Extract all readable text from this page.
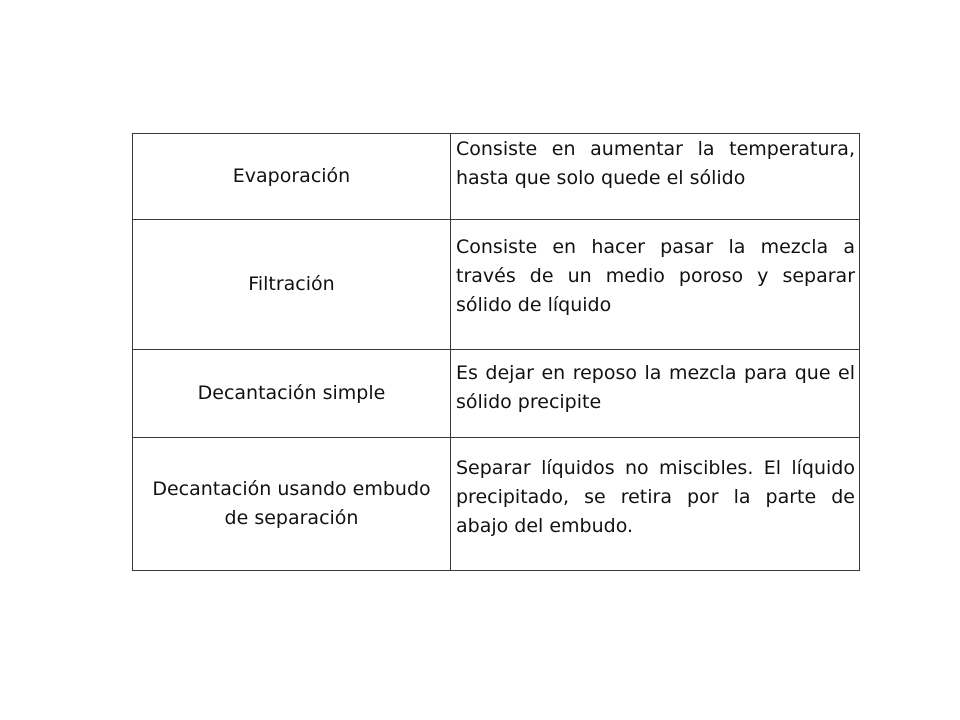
Evaporación	Consiste en aumentar la temperatura, hasta que solo quede el sólido
Filtración	Consiste en hacer pasar la mezcla a través de un medio poroso y separar sólido de líquido
Decantación simple	Es dejar en reposo la mezcla para que el sólido precipite
Decantación usando embudo de separación	Separar líquidos no miscibles. El líquido precipitado, se retira por la parte de abajo del embudo.
